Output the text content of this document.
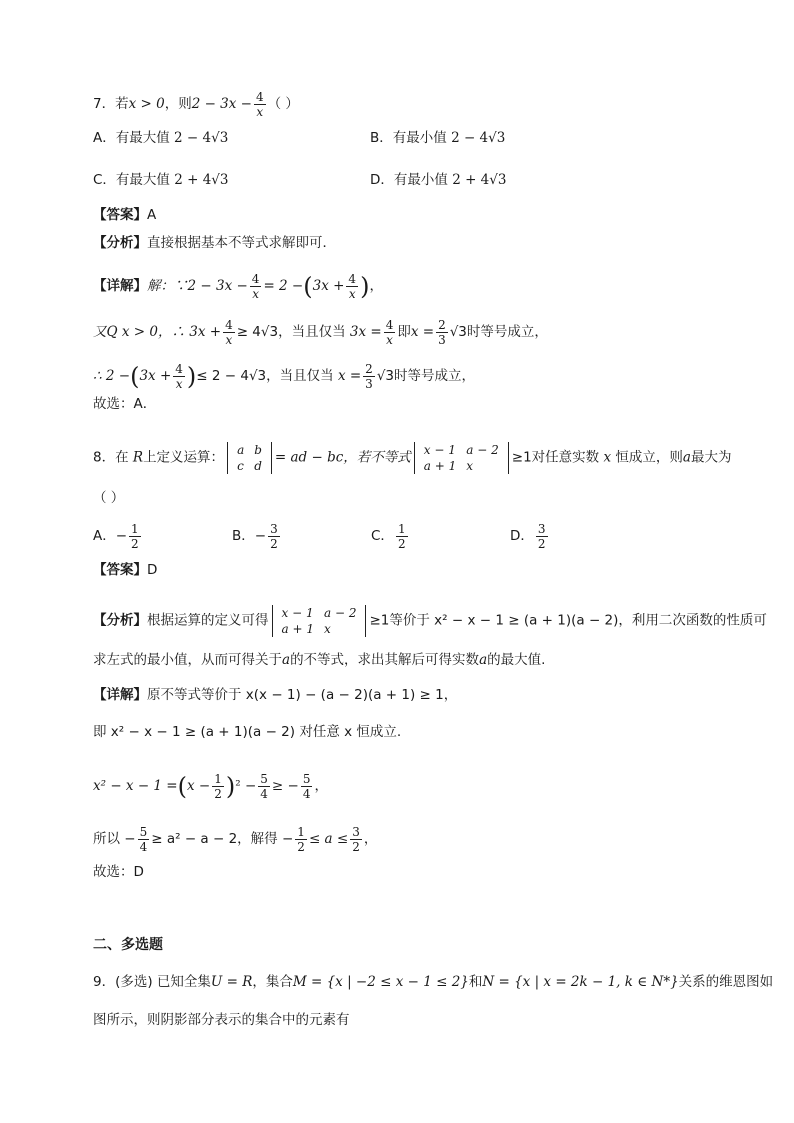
7．若x > 0，则$2 - 3x - \frac{4}{x}$ （ ）
A．有最大值 2 − 4√3	B．有最小值 2 − 4√3
C．有最大值 2 + 4√3	D．有最小值 2 + 4√3
【答案】A
【分析】直接根据基本不等式求解即可．
【详解】解：∵2 − $3x - \frac{4}{x} = 2 -(3x + \frac{4}{x}$ )，
又Q x > 0，∴ $3x + \frac{4}{x} \ge 4√3$，当且仅当 $3x = \frac{4}{x}$ 即$x = \frac{2}{3} √3$时等号成立，
∴ $2 -(3x + \frac{4}{x}$ )≤ 2 − 4√3，当且仅当 $x = \frac{2}{3} √3$时等号成立，
故选：A．
8．在 R上定义运算： a	b
c	d
= ad − bc，若不等式 x − 1	a − 2
a + 1	x
≥1对任意实数 x 恒成立，则a最大为
（ ）
A．− $\frac{1}{2}$	B．− $\frac{3}{2}$	C． $\frac{1}{2}$	D． $\frac{3}{2}$
【答案】D
【分析】根据运算的定义可得 x − 1	a − 2
a + 1	x
≥1等价于 x² − x − 1 ≥ (a + 1)(a − 2)，利用二次函数的性质可
求左式的最小值，从而可得关于a的不等式，求出其解后可得实数a的最大值.
【详解】原不等式等价于 x(x − 1) − (a − 2)(a + 1) ≥ 1，
即 x² − x − 1 ≥ (a + 1)(a − 2) 对任意 x 恒成立.
$x^2 - x - 1 =(x - \frac{1}{2} )^2 - \frac{5}{4}$ ≥ − $\frac{5}{4}$ ，
所以 − $\frac{5}{4} \ge a^2 - a - 2$，解得 − $\frac{1}{2} \le a \le \frac{3}{2}$ ，
故选：D
二、多选题
9．(多选) 已知全集U = R，集合M = {x | −2 ≤ x − 1 ≤ 2}和N = {x | x = 2k − 1, k ∈ N*}关系的维恩图如
图所示，则阴影部分表示的集合中的元素有
